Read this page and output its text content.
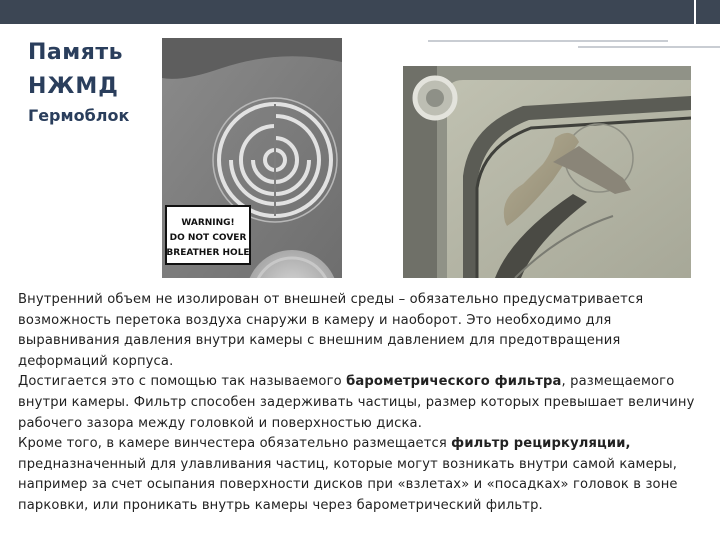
Память
НЖМД
Гермоблок
WARNING!
DO NOT COVER
BREATHER HOLE

Внутренний объем не изолирован от внешней среды – обязательно предусматривается возможность перетока воздуха снаружи в камеру и наоборот. Это необходимо для выравнивания давления внутри камеры с внешним давлением для предотвращения деформаций корпуса.

Достигается это с помощью так называемого барометрического фильтра, размещаемого внутри камеры. Фильтр способен задерживать частицы, размер которых превышает величину рабочего зазора между головкой и поверхностью диска.

Кроме того, в камере винчестера обязательно размещается фильтр рециркуляции, предназначенный для улавливания частиц, которые могут возникать внутри самой камеры, например за счет осыпания поверхности дисков при «взлетах» и «посадках» головок в зоне парковки, или проникать внутрь камеры через барометрический фильтр.
